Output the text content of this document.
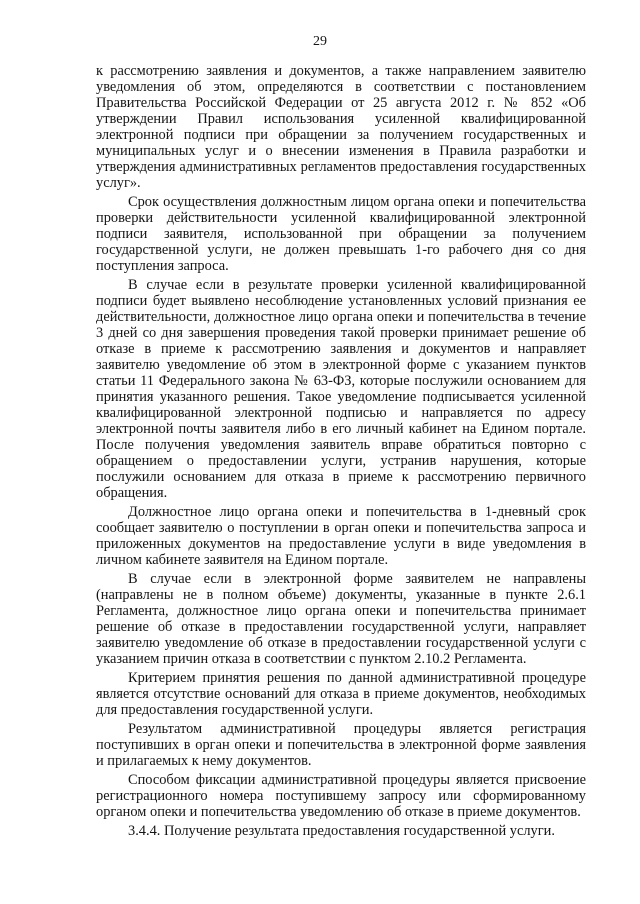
29

к рассмотрению заявления и документов, а также направлением заявителю уведомления об этом, определяются в соответствии с постановлением Правительства Российской Федерации от 25 августа 2012 г. № 852 «Об утверждении Правил использования усиленной квалифицированной электронной подписи при обращении за получением государственных и муниципальных услуг и о внесении изменения в Правила разработки и утверждения административных регламентов предоставления государственных услуг».

Срок осуществления должностным лицом органа опеки и попечительства проверки действительности усиленной квалифицированной электронной подписи заявителя, использованной при обращении за получением государственной услуги, не должен превышать 1-го рабочего дня со дня поступления запроса.

В случае если в результате проверки усиленной квалифицированной подписи будет выявлено несоблюдение установленных условий признания ее действительности, должностное лицо органа опеки и попечительства в течение 3 дней со дня завершения проведения такой проверки принимает решение об отказе в приеме к рассмотрению заявления и документов и направляет заявителю уведомление об этом в электронной форме с указанием пунктов статьи 11 Федерального закона № 63-ФЗ, которые послужили основанием для принятия указанного решения. Такое уведомление подписывается усиленной квалифицированной электронной подписью и направляется по адресу электронной почты заявителя либо в его личный кабинет на Едином портале. После получения уведомления заявитель вправе обратиться повторно с обращением о предоставлении услуги, устранив нарушения, которые послужили основанием для отказа в приеме к рассмотрению первичного обращения.

Должностное лицо органа опеки и попечительства в 1-дневный срок сообщает заявителю о поступлении в орган опеки и попечительства запроса и приложенных документов на предоставление услуги в виде уведомления в личном кабинете заявителя на Едином портале.

В случае если в электронной форме заявителем не направлены (направлены не в полном объеме) документы, указанные в пункте 2.6.1 Регламента, должностное лицо органа опеки и попечительства принимает решение об отказе в предоставлении государственной услуги, направляет заявителю уведомление об отказе в предоставлении государственной услуги с указанием причин отказа в соответствии с пунктом 2.10.2 Регламента.

Критерием принятия решения по данной административной процедуре является отсутствие оснований для отказа в приеме документов, необходимых для предоставления государственной услуги.

Результатом административной процедуры является регистрация поступивших в орган опеки и попечительства в электронной форме заявления и прилагаемых к нему документов.

Способом фиксации административной процедуры является присвоение регистрационного номера поступившему запросу или сформированному органом опеки и попечительства уведомлению об отказе в приеме документов.

3.4.4. Получение результата предоставления государственной услуги.
